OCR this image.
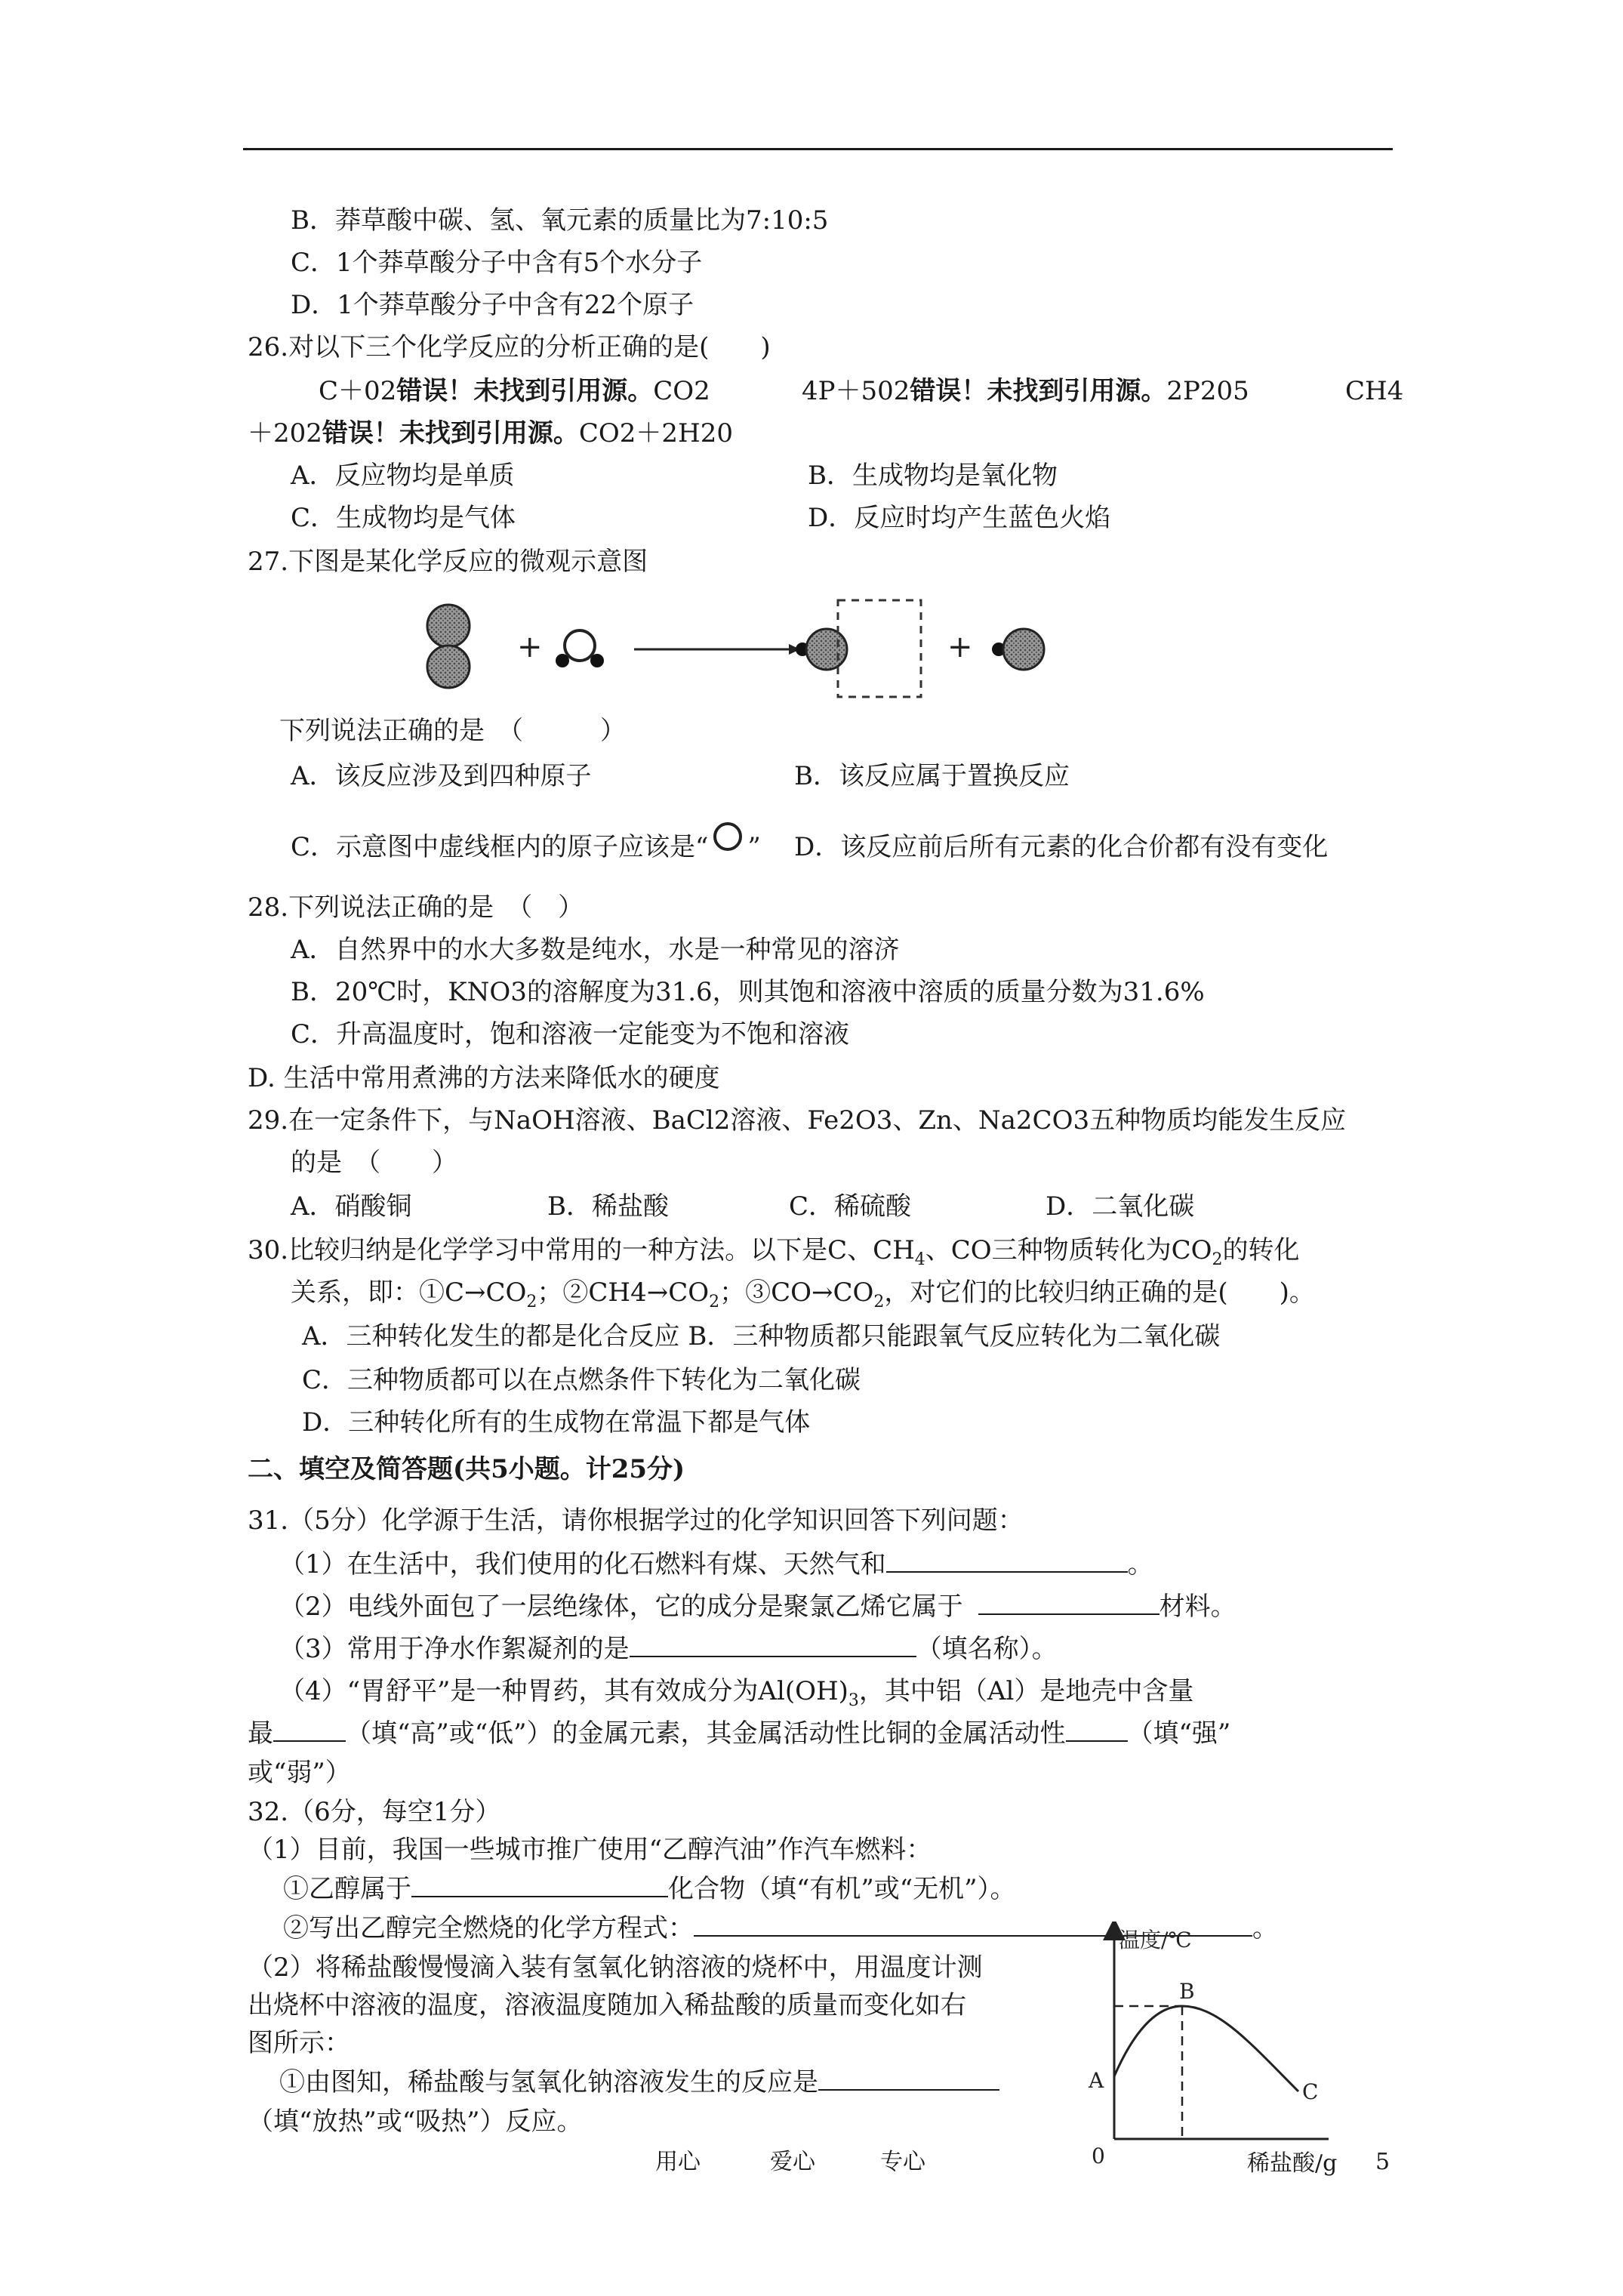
B．莽草酸中碳、氢、氧元素的质量比为7:10:5
C．1个莽草酸分子中含有5个水分子
D．1个莽草酸分子中含有22个原子
26.对以下三个化学反应的分析正确的是(　　)
C＋02错误！未找到引用源。CO2	4P＋502错误！未找到引用源。2P205	CH4
＋202错误！未找到引用源。CO2＋2H20
A．反应物均是单质	B．生成物均是氧化物
C．生成物均是气体	D．反应时均产生蓝色火焰
27.下图是某化学反应的微观示意图
+	+
下列说法正确的是　（　　　）
A．该反应涉及到四种原子	B．该反应属于置换反应
C．示意图中虚线框内的原子应该是“ ” D．该反应前后所有元素的化合价都有没有变化
28.下列说法正确的是　（　）
A．自然界中的水大多数是纯水，水是一种常见的溶济
B．20℃时，KNO3的溶解度为31.6，则其饱和溶液中溶质的质量分数为31.6%
C．升高温度时，饱和溶液一定能变为不饱和溶液
D. 生活中常用煮沸的方法来降低水的硬度
29.在一定条件下，与NaOH溶液、BaCl2溶液、Fe2O3、Zn、Na2CO3五种物质均能发生反应
的是　（　　）
A．硝酸铜	B．稀盐酸	C．稀硫酸	D．二氧化碳
30.比较归纳是化学学习中常用的一种方法。以下是C、$CH_4$、CO三种物质转化为$CO_2$的转化
关系，即：$①C\to CO_2$；$②CH4\to CO_2$；$③CO\to CO_2$，对它们的比较归纳正确的是(　　)。
A．三种转化发生的都是化合反应 B．三种物质都只能跟氧气反应转化为二氧化碳
C．三种物质都可以在点燃条件下转化为二氧化碳
D．三种转化所有的生成物在常温下都是气体
二、填空及简答题(共5小题。计25分)
31.（5分）化学源于生活，请你根据学过的化学知识回答下列问题：
（1）在生活中，我们使用的化石燃料有煤、天然气和	。
（2）电线外面包了一层绝缘体，它的成分是聚氯乙烯它属于	材料。
（3）常用于净水作絮凝剂的是	（填名称）。
（4）“胃舒平”是一种胃药，其有效成分为$Al(OH)_3$，其中铝（Al）是地壳中含量
最	（填“高”或“低”）的金属元素，其金属活动性比铜的金属活动性 （填“强”
或“弱”）
32.（6分，每空1分）
（1）目前，我国一些城市推广使用“乙醇汽油”作汽车燃料：
①乙醇属于	化合物（填“有机”或“无机”）。
②写出乙醇完全燃烧的化学方程式：	。
（2）将稀盐酸慢慢滴入装有氢氧化钠溶液的烧杯中，用温度计测
出烧杯中溶液的温度，溶液温度随加入稀盐酸的质量而变化如右
图所示：
①由图知，稀盐酸与氢氧化钠溶液发生的反应是
（填“放热”或“吸热”）反应。
温度/℃
A
B
C
0
用心	爱心	专心	稀盐酸/g 5
